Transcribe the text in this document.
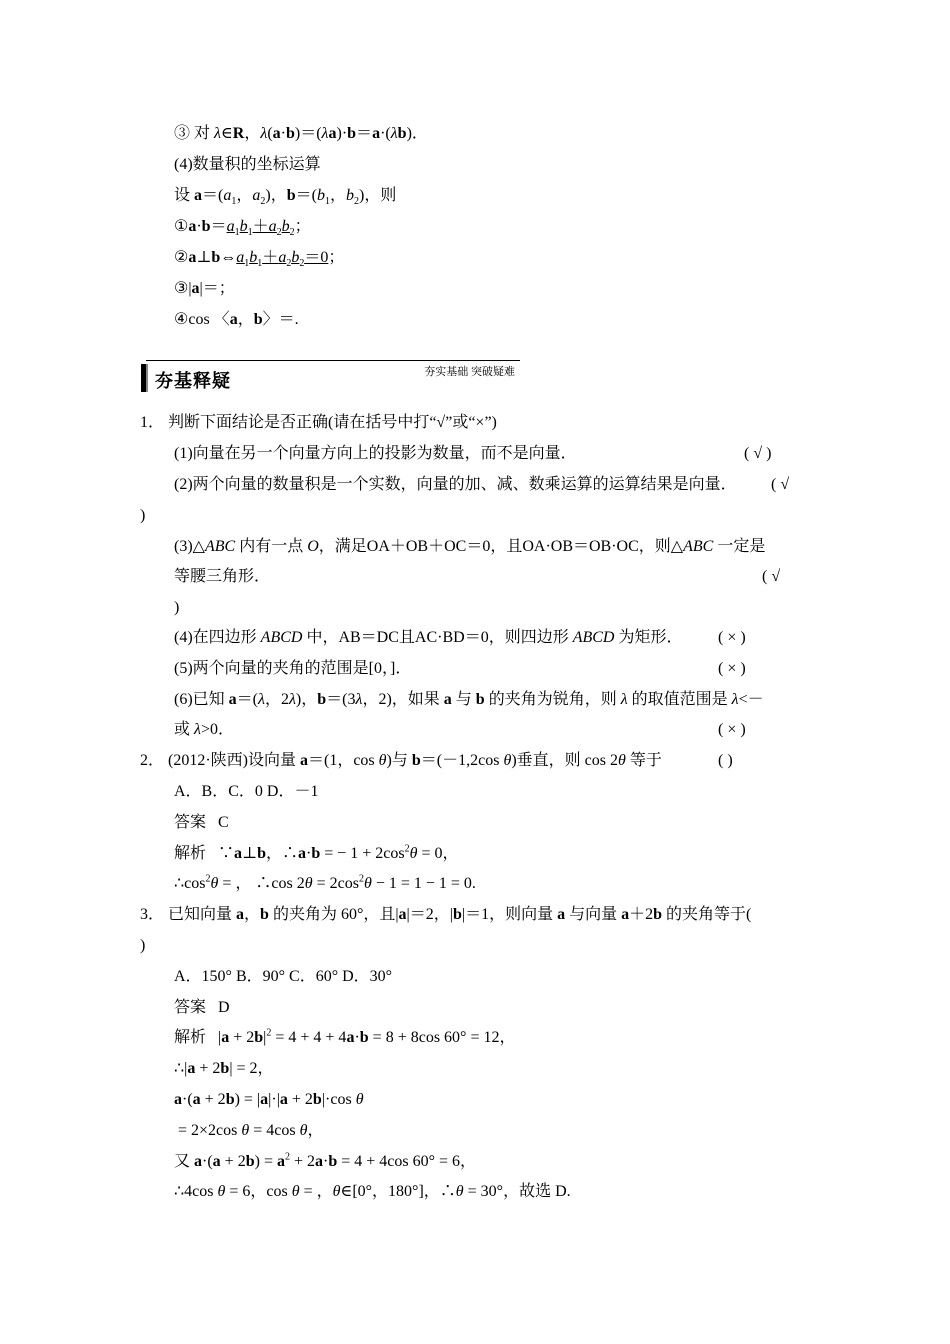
③ 对 λ∈R，λ(a·b)＝(λa)·b＝a·(λb)．
(4)数量积的坐标运算
设 $a=(a_1$，$a_2$)，$b=(b_1$，$b_2$)，则
$①a\cdot b=a_1b_1+a_2b_2$；
$②a\perp b\Leftrightarrow a_1b_1+a_2b_2=0$；
③|a|＝；
④cos 〈a，b〉＝.
夯基释疑	夯实基础 突破疑难
1． 判断下面结论是否正确(请在括号中打“√”或“×”)
(1)向量在另一个向量方向上的投影为数量，而不是向量．	( √ )
(2)两个向量的数量积是一个实数，向量的加、减、数乘运算的运算结果是向量． ( √
)
(3)△ABC 内有一点 O，满足OA＋OB＋OC＝0，且OA·OB＝OB·OC，则△ABC 一定是
等腰三角形．	( √
)
(4)在四边形 ABCD 中，AB＝DC且AC·BD＝0，则四边形 ABCD 为矩形． ( × )
(5)两个向量的夹角的范围是[0，]．	( × )
(6)已知 a＝(λ，2λ)，b＝(3λ，2)，如果 a 与 b 的夹角为锐角，则 λ 的取值范围是 λ<－
或 λ>0．	( × )
2． (2012·陕西)设向量 a＝(1，cos θ)与 b＝(－1,2cos θ)垂直，则 cos 2θ 等于	( )
A．B．C．0 D．－1
答案 C
解析   ∵a⊥b，∴a·b = − $1 + 2\cos^2\theta = 0$，
$\therefore\cos^2\theta$ = ， ∴cos $2\theta = 2\cos^2\theta - 1 = 1 - 1 = 0$.
3． 已知向量 a，b 的夹角为 60°，且|a|＝2，|b|＝1，则向量 a 与向量 a＋2b 的夹角等于(
)
A．150° B．90° C．60° D．30°
答案 D
解析   $|a + 2b|^2 = 4 + 4 + 4a\cdot b = 8 + 8\cos$ 60° = 12，
∴|a + 2b| = 2，
a·(a + 2b) = |a|·|a + 2b|·cos θ
= 2×2cos θ = 4cos θ，
又 $a\cdot(a + 2b) = a^2 + 2a\cdot b = 4 + 4\cos$ 60° = 6，
∴4cos θ = 6，cos θ = ，θ∈[0°，180°]，∴θ = 30°，故选 D.
